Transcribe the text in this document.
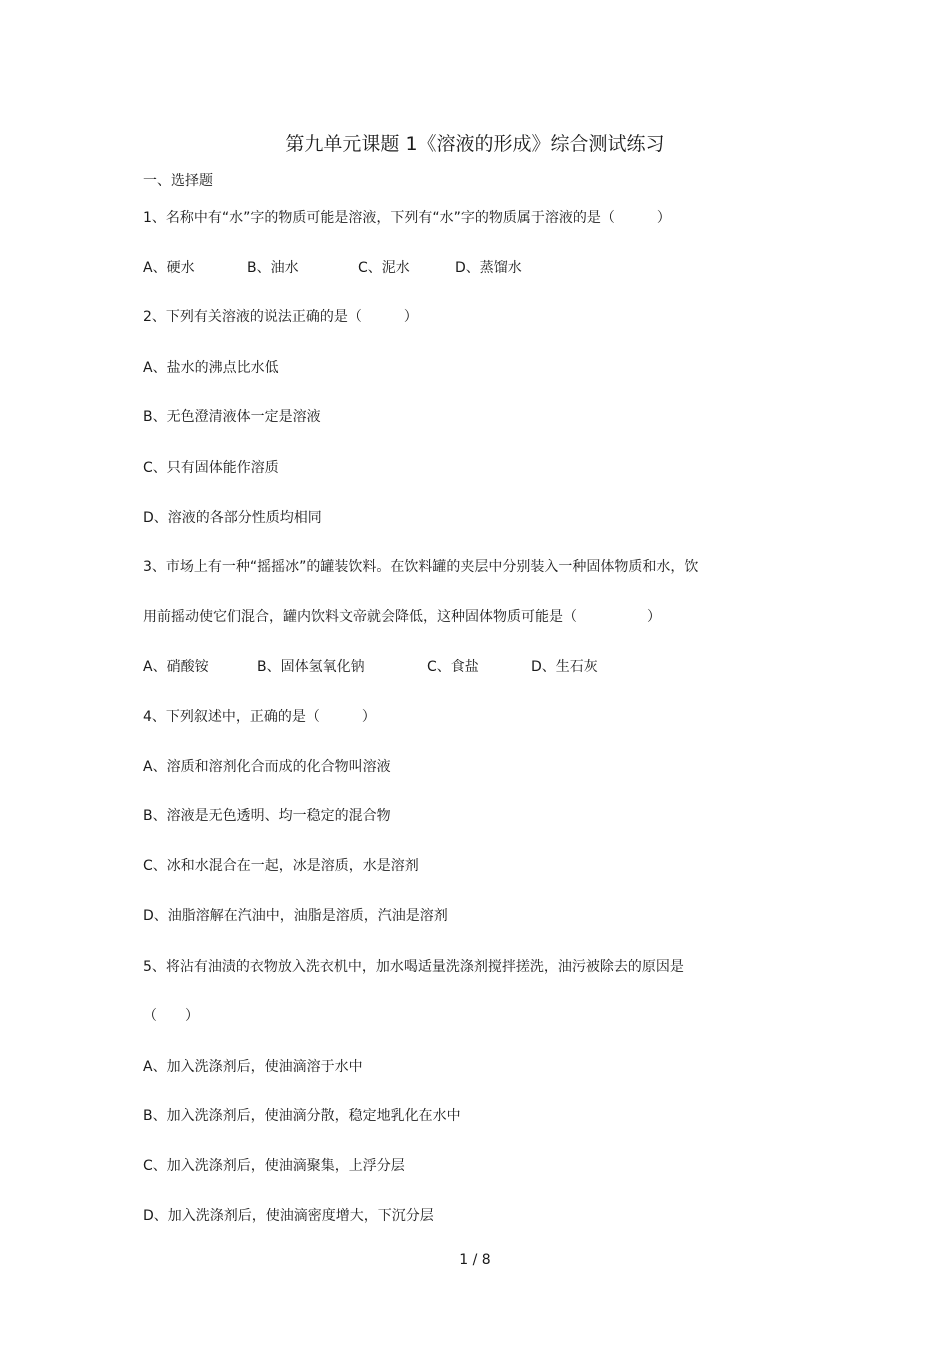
第九单元课题 1《溶液的形成》综合测试练习
一、选择题
1、名称中有“水”字的物质可能是溶液，下列有“水”字的物质属于溶液的是（　　　）
A、硬水	B、油水	C、泥水	D、蒸馏水
2、下列有关溶液的说法正确的是（　　　）
A、盐水的沸点比水低
B、无色澄清液体一定是溶液
C、只有固体能作溶质
D、溶液的各部分性质均相同
3、市场上有一种“摇摇冰”的罐装饮料。在饮料罐的夹层中分别装入一种固体物质和水，饮
用前摇动使它们混合，罐内饮料文帝就会降低，这种固体物质可能是（　　　　　）
A、硝酸铵	B、固体氢氧化钠	C、食盐	D、生石灰
4、下列叙述中，正确的是（　　　）
A、溶质和溶剂化合而成的化合物叫溶液
B、溶液是无色透明、均一稳定的混合物
C、冰和水混合在一起，冰是溶质，水是溶剂
D、油脂溶解在汽油中，油脂是溶质，汽油是溶剂
5、将沾有油渍的衣物放入洗衣机中，加水喝适量洗涤剂搅拌搓洗，油污被除去的原因是
（　　）
A、加入洗涤剂后，使油滴溶于水中
B、加入洗涤剂后，使油滴分散，稳定地乳化在水中
C、加入洗涤剂后，使油滴聚集，上浮分层
D、加入洗涤剂后，使油滴密度增大，下沉分层
1 / 8
